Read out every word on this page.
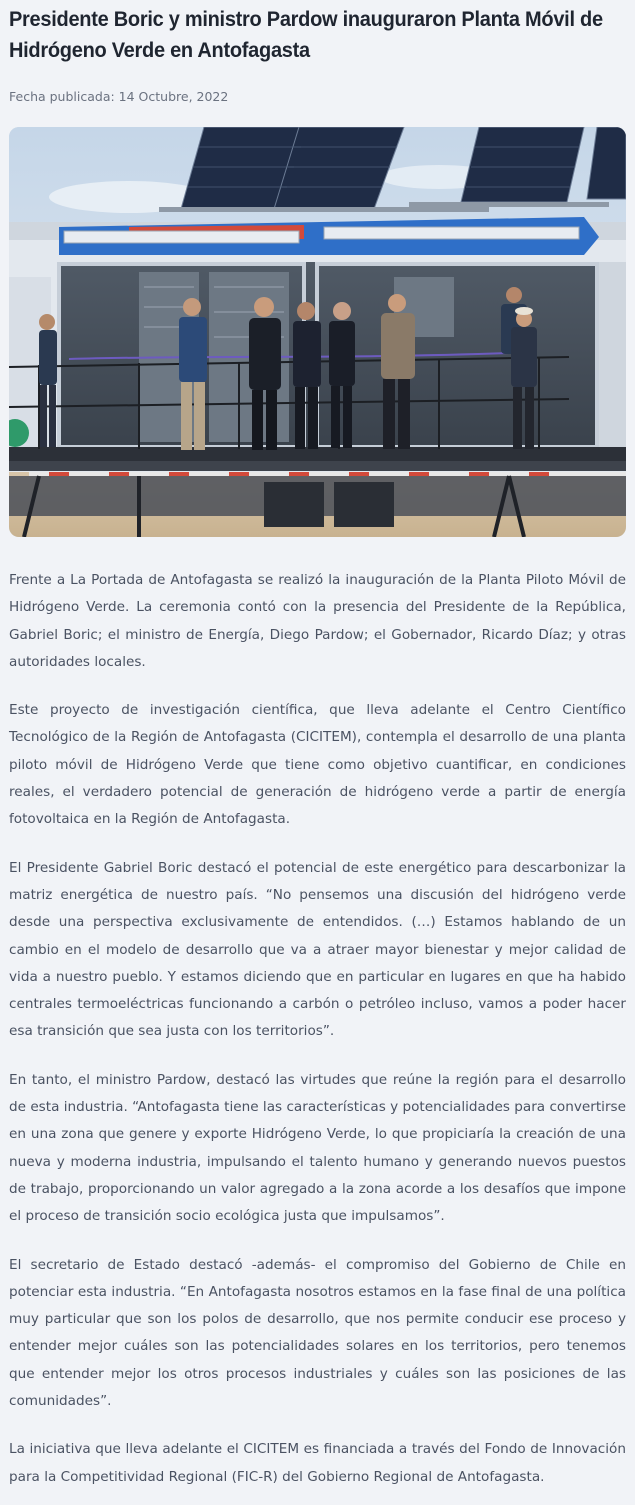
Presidente Boric y ministro Pardow inauguraron Planta Móvil de Hidrógeno Verde en Antofagasta
Fecha publicada: 14 Octubre, 2022

Frente a La Portada de Antofagasta se realizó la inauguración de la Planta Piloto Móvil de Hidrógeno Verde. La ceremonia contó con la presencia del Presidente de la República, Gabriel Boric; el ministro de Energía, Diego Pardow; el Gobernador, Ricardo Díaz; y otras autoridades locales.

Este proyecto de investigación científica, que lleva adelante el Centro Científico Tecnológico de la Región de Antofagasta (CICITEM), contempla el desarrollo de una planta piloto móvil de Hidrógeno Verde que tiene como objetivo cuantificar, en condiciones reales, el verdadero potencial de generación de hidrógeno verde a partir de energía fotovoltaica en la Región de Antofagasta.

El Presidente Gabriel Boric destacó el potencial de este energético para descarbonizar la matriz energética de nuestro país. “No pensemos una discusión del hidrógeno verde desde una perspectiva exclusivamente de entendidos. (…) Estamos hablando de un cambio en el modelo de desarrollo que va a atraer mayor bienestar y mejor calidad de vida a nuestro pueblo. Y estamos diciendo que en particular en lugares en que ha habido centrales termoeléctricas funcionando a carbón o petróleo incluso, vamos a poder hacer esa transición que sea justa con los territorios”.

En tanto, el ministro Pardow, destacó las virtudes que reúne la región para el desarrollo de esta industria. “Antofagasta tiene las características y potencialidades para convertirse en una zona que genere y exporte Hidrógeno Verde, lo que propiciaría la creación de una nueva y moderna industria, impulsando el talento humano y generando nuevos puestos de trabajo, proporcionando un valor agregado a la zona acorde a los desafíos que impone el proceso de transición socio ecológica justa que impulsamos”.

El secretario de Estado destacó -además- el compromiso del Gobierno de Chile en potenciar esta industria. “En Antofagasta nosotros estamos en la fase final de una política muy particular que son los polos de desarrollo, que nos permite conducir ese proceso y entender mejor cuáles son las potencialidades solares en los territorios, pero tenemos que entender mejor los otros procesos industriales y cuáles son las posiciones de las comunidades”.

La iniciativa que lleva adelante el CICITEM es financiada a través del Fondo de Innovación para la Competitividad Regional (FIC-R) del Gobierno Regional de Antofagasta.
